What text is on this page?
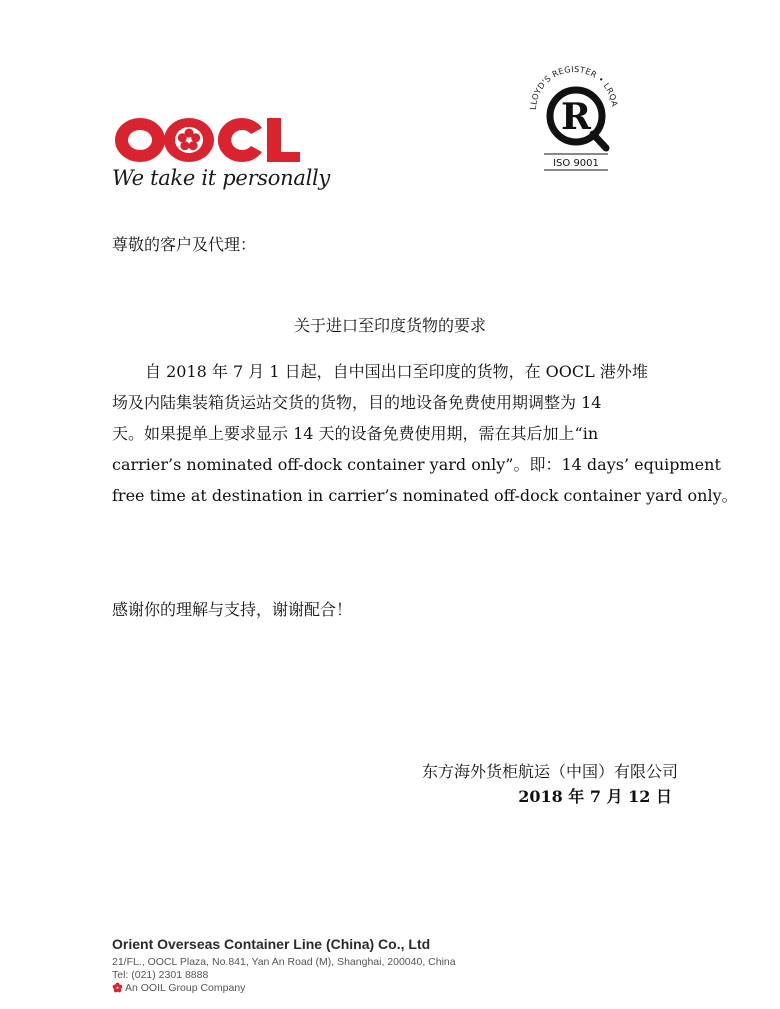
We take it personally
LLOYD'S REGISTER • LRQA
R
ISO 9001
尊敬的客户及代理：
关于进口至印度货物的要求
自 2018 年 7 月 1 日起，自中国出口至印度的货物，在 OOCL 港外堆
场及内陆集装箱货运站交货的货物，目的地设备免费使用期调整为 14
天。如果提单上要求显示 14 天的设备免费使用期，需在其后加上“in
carrier’s nominated off-dock container yard only”。即：14 days’ equipment
free time at destination in carrier’s nominated off-dock container yard only。
感谢你的理解与支持，谢谢配合！
东方海外货柜航运（中国）有限公司
2018 年 7 月 12 日
Orient Overseas Container Line (China) Co., Ltd
21/FL., OOCL Plaza, No.841, Yan An Road (M), Shanghai, 200040, China
Tel: (021) 2301 8888
An OOIL Group Company
